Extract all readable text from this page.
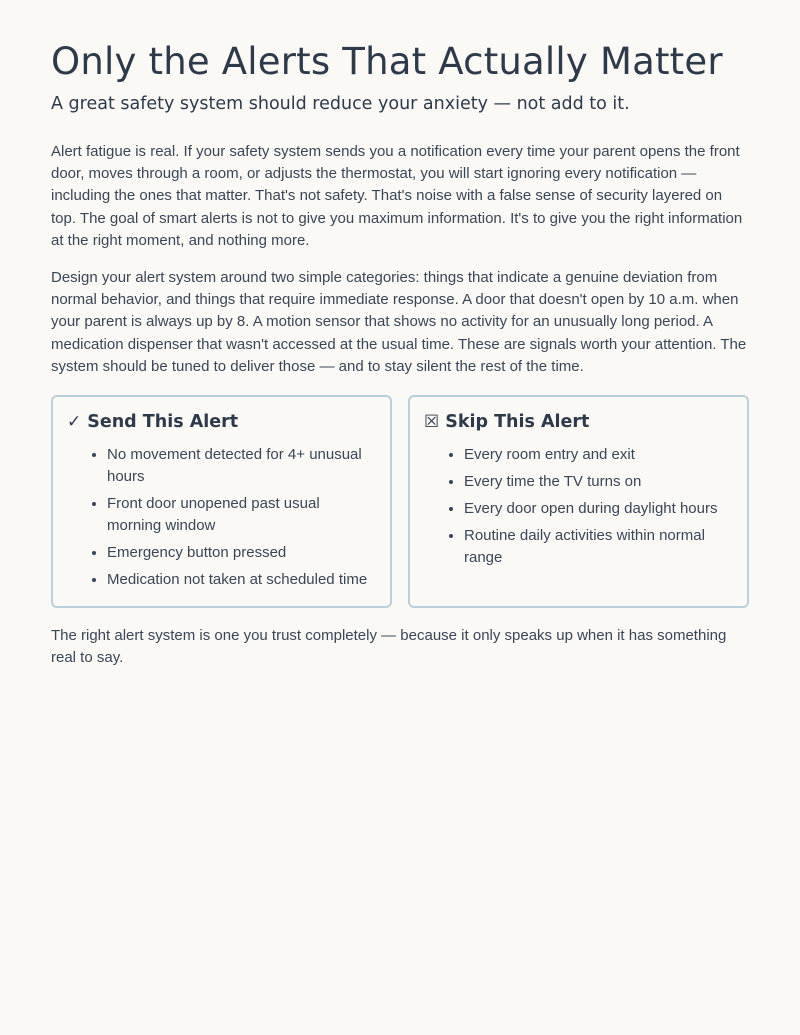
Only the Alerts That Actually Matter
A great safety system should reduce your anxiety — not add to it.

Alert fatigue is real. If your safety system sends you a notification every time your parent opens the front door, moves through a room, or adjusts the thermostat, you will start ignoring every notification — including the ones that matter. That's not safety. That's noise with a false sense of security layered on top. The goal of smart alerts is not to give you maximum information. It's to give you the right information at the right moment, and nothing more.

Design your alert system around two simple categories: things that indicate a genuine deviation from normal behavior, and things that require immediate response. A door that doesn't open by 10 a.m. when your parent is always up by 8. A motion sensor that shows no activity for an unusually long period. A medication dispenser that wasn't accessed at the usual time. These are signals worth your attention. The system should be tuned to deliver those — and to stay silent the rest of the time.

✓ Send This Alert
• No movement detected for 4+ unusual hours
• Front door unopened past usual morning window
• Emergency button pressed
• Medication not taken at scheduled time
☒ Skip This Alert
• Every room entry and exit
• Every time the TV turns on
• Every door open during daylight hours
• Routine daily activities within normal range

The right alert system is one you trust completely — because it only speaks up when it has something real to say.
